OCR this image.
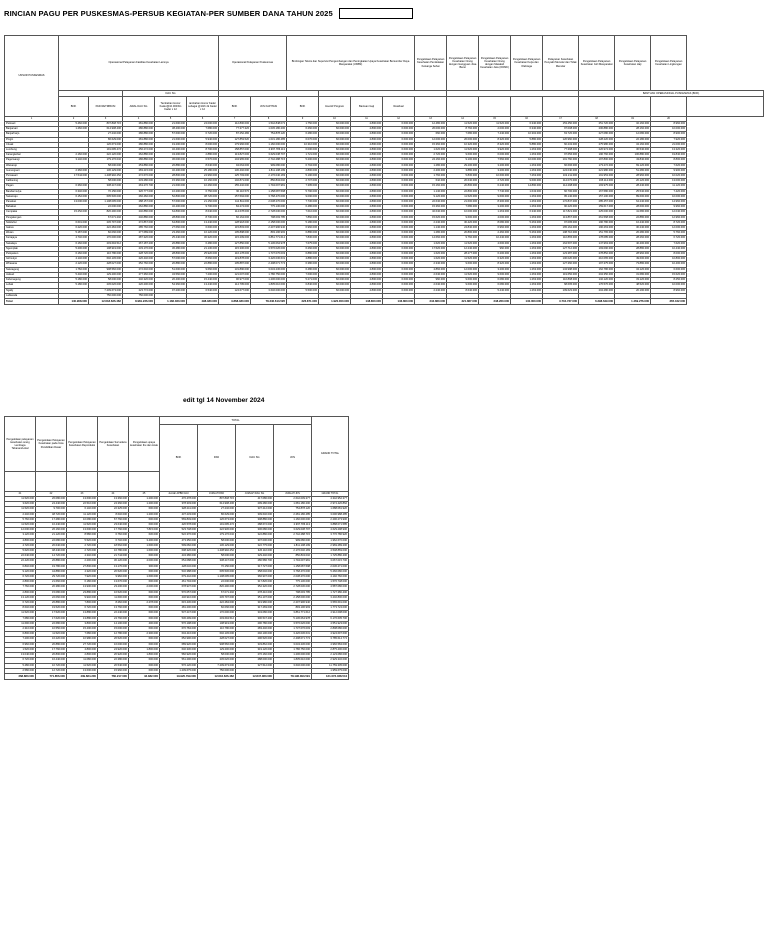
RINCIAN PAGU PER PUSKESMAS-PERSUB KEGIATAN-PER SUMBER DANA TAHUN 2025
UNSUR PUSKESMAS	Operasional Pelayanan Fasilitas Kesehatan Lainnya					Operasional Pelayanan Puskesmas		Bimbingan Teknis dan Supervisi Pengembangan dan Peningkatan Upaya Kesehatan Bersumber Daya Masyarakat (UKBM)				Pengelolaan Pelayanan Kesehatan Pendekatan Keluarga Sehat	Pengelolaan Pelayanan Kesehatan Orang dengan Gangguan Jiwa Berat	Pengelolaan Pelayanan Kesehatan Orang dengan Masalah Kesehatan Jiwa (ODMK)	Pengelolaan Pelayanan Kesehatan Kerja dan Olahraga	Pelayanan Kesehatan Penyakit Menular dan Tidak Menular	Pengelolaan Pelayanan Kesehatan Gizi Masyarakat	Pengelolaan Pelayanan Kesehatan Haji	Pengelolaan Pelayanan Kesehatan Lingkungan	
			DAU SG														BANTUAN OPERASIONAL PUSKESMAS (BOK)			
	BOK	PAD RETRIBUSI	AWAL DAU SG	Tambahan Honor Kader@10.000/bln Kader x 12	tambahan Honor Kader sebagai @10rb 2k Kader x 12	BOK	JKN KAPITASI	BOK	Insentif Program	Bantuan Gaji	Residual									
1	2	3	4	5	6	7	8	9	10	11	12	13	14	15	16	17	18	19	20	
Pulosari	5.460.000	807.848.715	281.880.000	21.600.000	24.000.000	112.800.000	1.542.848.072	1.750.000	60.000.000	4.800.000	6.600.000	12.480.000	11.520.000	11.520.000	6.340.000	153.456.000	251.720.000	32.160.000	8.960.000	
Banjarsari	1.260.000	614.908.406	280.880.000	38.400.000	7.680.000	77.377.320	1.045.180.200	6.260.000	60.000.000	4.800.000	6.600.000	26.000.000	8.760.000	2.000.000	6.340.000	97.008.000	206.880.000	28.160.000	10.000.000	
Banjarharjo		27.232.000	286.880.000	57.600.000	6.720.000	87.252.480	754.878.120	6.280.000	60.000.000	4.800.000	6.600.000	660.000	7.680.000	7.440.000	10.302.000	63.720.000	227.080.000	12.080.000	8.900.000	
Pingin		86.629.000	281.880.000	21.600.000	5.940.000	127.853.520	1.031.186.485	6.070.000	60.000.000	4.800.000	6.600.000	12.000.000	26.000.000	8.320.000	5.880.000	120.960.000	228.220.000	22.180.000	7.920.000	
Cituak		126.673.000	280.880.000	19.200.000	8.000.000	179.966.000	1.160.000.000	10.310.000	60.000.000	4.800.000	6.600.000	15.360.000	10.320.000	8.320.000	5.880.000	60.232.000	275.980.000	34.160.000	21.000.000	
Lumbung		191.095.472	256.272.000	32.400.000	8.700.000	158.857.000	2.997.786.113	6.000.000	60.000.000	4.800.000	6.600.000	1.620.000	11.520.000	3.920.000	1.263.000	77.398.000	226.974.000	30.540.000	13.320.000	
Karangkobar	2.160.000	222.120.000	262.880.000	43.200.000	2.880.000	113.827.000	3.629.038.797	1.721.000	60.000.000	4.800.000	6.600.000	2.720.000	9.600.000	6.000.000	1.263.000	97.656.000	196.760.000	106.880.000	19.840.000	
Pagerwangi	3.140.000	179.176.032	286.880.000	36.000.000	6.570.000	104.965.600	2.742.288.715	5.200.000	60.000.000	4.800.000	6.600.000	24.160.000	9.100.000	7.560.000	10.000.000	101.760.000	197.800.000	43.840.000	8.800.000	
Wanarejo		58.000.000	253.880.000	26.880.000	8.640.000	94.064.000	999.080.000	6.794.000	60.000.000	4.800.000	6.600.000	1.280.000	29.200.000	3.200.000	1.263.000	66.696.000	173.272.000	69.120.000	7.620.000	
Gunungsari	2.360.000	136.129.000	283.215.000	32.400.000	25.180.000	130.402.000	1.811.108.199	2.800.000	60.000.000	4.800.000	6.600.000	2.400.000	3.880.000	3.200.000	1.263.000	124.040.000	221.980.000	51.280.000	9.900.000	
Purwasari	17.544.000	1.438.992.252	272.670.000	28.800.000	24.960.000	125.793.000	2.176.040.183	5.190.000	60.000.000	4.800.000	6.600.000	1.760.000	5.830.000	10.600.000	7.263.000	102.211.000	191.953.000	28.960.000	10.020.000	
Kalibening		58.000.000	233.280.000	15.360.000	16.160.000	102.871.000	850.834.002	2.707.000	60.000.000	4.800.000	6.600.000	642.000	20.640.000	2.720.000	9.600.000	114.070.000	195.112.000	20.120.000	13.000.000	
Pagan	6.360.000	338.247.000	263.276.700	21.600.000	10.260.000	155.432.000	1.794.097.981	7.395.000	60.000.000	4.800.000	6.600.000	15.160.000	20.800.000	6.240.000	14.890.000	114.298.000	193.975.000	28.440.000	11.120.000	
Bandarmulya	6.340.000	70.150.000	326.777.000	16.200.000	6.750.000	90.116.570	1.158.087.598	5.790.000	60.000.000	4.800.000	6.600.000	1.140.000	22.800.000	7.740.000	1.643.000	66.700.000	167.580.000	25.540.000	7.420.000	
Sukamaju	6.152.000	605.536.000	266.482.000	52.800.000	38.720.000	157.594.000	3.768.470.000	9.090.000	60.000.000	4.800.000	6.600.000	9.120.000	11.520.000	9.600.000	1.263.000	95.140.000	157.100.000	89.600.000	10.000.000	
Panekan	13.000.000	1.108.095.000	288.157.000	57.600.000	21.150.000	112.811.000	2.038.270.000	7.730.000	60.000.000	4.800.000	6.600.000	22.640.000	21.600.000	8.300.000	1.263.000	172.847.000	285.457.000	64.240.000	14.960.000	
Babakan		22.000.000	262.880.000	32.400.000	9.700.000	84.274.000	775.130.000	6.486.000	60.000.000	4.800.000	6.600.000	15.360.000	7.680.000	3.200.000	1.263.000	90.220.000	159.617.000	28.600.000	9.960.000	
Cempaka	15.252.000	820.290.000	240.880.000	64.800.000	8.640.000	114.678.000	2.728.030.000	7.610.000	60.000.000	4.800.000	6.600.000	32.640.000	10.000.000	1.263.000	6.340.000	117.821.000	225.000.000	41.680.000	12.040.000	
Pengalengan		67.071.202	240.880.000	28.800.000	8.730.000	66.164.000	798.093.785	7.860.000	60.000.000	4.800.000	6.600.000	15.620.000	9.600.000	4.000.000	1.263.000	113.867.000	261.568.000	22.880.000	12.960.000	
Sidoluhur	6.601.000	245.797.000	272.867.000	64.800.000	13.440.000	128.918.000	2.158.000.000	5.180.000	60.000.000	4.800.000	6.600.000	2.240.000	30.420.000	8.080.000	5.263.000	97.095.000	196.780.000	16.440.000	8.720.000	
Gabus	6.220.000	422.284.000	285.760.000	27.660.000	6.600.000	115.803.000	2.207.996.940	6.960.000	60.000.000	4.800.000	6.600.000	1.140.000	24.840.000	6.960.000	1.263.000	165.164.000	196.263.000	30.240.000	12.000.000	
Wetan	5.187.000	82.066.000	277.689.000	23.460.000	16.120.000	105.898.000	893.196.993	6.880.000	60.000.000	4.800.000	6.600.000	1.280.000	20.800.000	2.460.000	5.263.000	108.716.000	151.765.000	26.280.000	5.760.000	
Kertajaya	4.740.000	170.000.000	287.320.000	25.440.000	30.320.000	115.209.000	3.861.771.612	7.830.000	60.000.000	4.800.000	6.600.000	14.660.000	9.760.000	10.440.000	1.263.000	110.865.000	178.085.000	28.260.000	6.720.000	
Sukalaya	6.160.000	203.694.512	267.187.200	26.880.000	6.480.000	127.850.000	5.136.064.978	7.675.000	60.000.000	4.800.000	6.600.000	1.620.000	11.520.000	4.600.000	1.263.000	164.597.000	147.963.000	40.400.000	7.620.000	
Ngemplak	5.200.000	108.919.000	233.170.000	36.480.000	21.130.000	115.306.000	3.576.026.000	6.260.000	60.000.000	4.800.000	6.600.000	17.520.000	12.240.000	960.000	1.263.000	127.712.000	193.090.000	28.880.000	10.440.000	
Pulopeken	6.160.000	116.780.000	228.720.000	28.800.000	25.920.000	116.178.000	1.737.076.003	6.880.000	60.000.000	4.800.000	6.600.000	1.620.000	28.277.000	6.200.000	1.263.000	123.387.000	278.852.000	28.960.000	8.000.000	
Girimulyo	4.140.000	602.145.000	226.440.000	57.000.000	8.660.000	119.878.000	3.426.036.631	4.880.000	60.000.000	4.800.000	6.600.000	1.620.000	11.520.000	6.320.000	1.263.000	100.020.000	210.065.000	49.600.000	10.800.000	
Wirasana	2.120.000	428.027.000	252.760.000	20.880.000	22.880.000	105.887.000	2.408.071.774	6.380.000	60.000.000	4.800.000	6.600.000	2.340.000	9.600.000	8.320.000	1.263.000	127.366.000	197.375.000	73.880.000	10.400.000	
Sukoagung	1.782.000	908.566.000	272.602.000	51.600.000	9.660.000	131.890.000	3.034.236.000	6.480.000	60.000.000	4.800.000	6.600.000	4.860.000	12.000.000	3.200.000	1.263.000	134.998.000	162.786.000	34.120.000	6.600.000	
Jatisari	5.440.000	129.200.000	277.360.000	34.560.000	7.200.000	121.007.000	1.786.750.000	7.600.000	60.000.000	4.800.000	6.600.000	2.640.000	11.520.000	9.600.000	1.263.000	119.650.000	204.350.000	31.680.000	15.620.000	
Kebonagung	5.180.000	58.000.000	240.320.000	20.400.000	15.440.000	90.977.000	1.206.000.000	5.271.000	60.000.000	4.800.000	6.600.000	960.000	9.600.000	6.080.000	1.263.000	116.898.000	132.120.000	33.120.000	8.250.000	
Lebak	5.180.000	245.026.000	220.200.000	54.360.000	13.440.000	114.795.000	1.835.010.000	6.840.000	60.000.000	4.800.000	6.600.000	2.640.000	9.600.000	6.080.000	1.263.000	68.695.000	176.576.000	48.520.000	10.000.000	
Ngaliy		7.209.673.000	223.772.000	97.200.000	6.540.000	124.677.000	3.646.000.000	5.500.000	60.000.000	4.800.000	6.600.000	2.240.000	8.640.000	5.440.000	1.263.000	109.623.000	204.280.000	20.190.000	8.960.000	
Labkesda		750.000.000	750.000.000																	
Total	140.908.000	12.618.636.462	8.981.226.000	1.182.360.000	498.480.000	3.868.480.000	78.346.613.595	226.871.000	1.920.000.000	148.800.000	146.800.000	242.860.000	321.867.000	248.260.000	140.000.000	3.704.737.000	6.298.649.000	1.469.276.000	365.162.000	
edit tgl 14 November 2024
Pengelolaan pelayanan kesehatan orang Lembaga Tahanan/Lokal	Pengelolaan Pelayanan Kesehatan pada Usia Pendidikan Dasar	Pengelolaan Pelayanan Kesehatan Reproduksi	Pengelolaan Surveilans Kesehatan	Pengelolaan upaya kesehatan Ibu dan Anak	TOTAL				GRAND TOTAL
					BOK	PAD	DAU SG	JKN	

21	22	23	24	25	Jumlah APBD DAU	JUMLAH PAD	JUMLAH DAU SG	JUMLAH JKN	GRAND TOTAL
11.520.000	26.080.000	13.600.000	13.360.000	1.200.000	476.478.000	807.848.715	417.080.000	2.642.009.377	4.342.952.377
3.620.000	24.440.000	22.510.000	24.360.000	1.200.000	378.303.000	614.908.406	299.280.000	1.681.180.200	2.974.420.862
11.520.000	9.700.000	6.140.000	22.325.000	600.000	328.241.000	27.232.000	337.212.000	754.878.120	1.688.081.920
2.240.000	48.720.000	11.120.000	8.640.000	1.200.000	437.233.000	86.629.000	309.640.000	2.281.186.485	3.096.988.485
5.760.000	17.280.000	10.080.000	67.760.000	600.000	569.849.000	126.673.000	308.880.000	1.160.000.000	2.296.273.900
11.520.000	16.440.000	11.520.000	23.640.000	600.000	420.578.000	191.095.472	288.672.000	2.997.786.113	3.888.071.585
12.000.000	26.160.000	13.600.000	17.760.000	7.815.000	523.748.000	222.936.000	306.080.000	3.629.038.797	4.629.298.900
3.120.000	21.120.000	8.580.000	6.760.000	630.000	522.376.000	179.176.032	322.880.000	2.742.288.715	3.776.780.920
4.800.000	22.080.000	5.520.000	6.740.000	3.400.000	473.350.000	58.000.000	307.000.000	999.080.000	1.962.670.000
4.720.000	20.640.000	2.720.000	18.562.000	1.600.000	599.082.000	136.129.000	322.775.000	1.811.108.199	2.969.289.200
5.620.000	48.440.000	2.720.000	16.780.000	1.600.000	608.326.000	1.438.992.252	326.110.000	2.176.040.183	4.548.869.000
22.640.000	14.720.000	4.340.000	21.744.000	600.000	434.386.000	58.000.000	329.440.000	850.834.002	1.725.880.400
22.420.000	26.880.000	2.200.000	30.120.000	4.000.000	654.088.000	338.247.000	280.586.700	1.794.097.981	3.067.015.700
6.840.000	19.780.000	27.800.000	13.170.000	300.000	428.032.000	70.150.000	317.727.000	1.158.087.598	2.036.271.000
9.120.000	44.880.000	4.320.000	20.520.000	600.000	532.388.000	605.536.000	358.002.000	3.768.470.000	5.266.080.000
6.720.000	29.720.000	7.920.000	9.960.000	1.600.000	679.442.000	1.108.095.000	366.907.000	2.038.270.000	4.192.760.000
2.800.000	21.660.000	6.180.000	13.670.000	600.000	461.794.000	22.000.000	317.820.000	775.130.000	1.576.748.000
7.760.000	20.380.000	13.900.000	23.200.000	2.000.000	678.937.000	820.290.000	352.320.000	2.728.030.000	4.587.080.000
2.800.000	15.080.000	23.880.000	16.520.000	600.000	570.057.000	67.071.202	278.410.000	798.093.785	1.727.380.400
13.120.000	22.060.000	9.940.000	11.600.000	600.000	446.910.000	245.797.000	351.107.000	2.158.000.000	3.202.800.000
6.720.000	26.880.000	7.800.000	8.260.000	2.278.000	615.430.000	422.284.000	319.980.000	2.207.996.940	3.565.691.000
8.640.000	19.520.000	6.720.000	13.760.000	600.000	481.200.000	82.066.000	317.269.000	893.196.993	1.773.724.000
11.520.000	17.520.000	13.880.000	22.240.000	600.000	537.247.000	170.000.000	343.080.000	3.861.771.612	4.912.098.000
7.680.000	17.620.000	13.880.000	24.760.000	600.000	536.299.000	203.694.512	300.547.200	5.136.064.978	6.176.605.700
11.690.000	22.680.000	3.800.000	14.100.000	400.000	576.198.000	108.919.000	290.780.000	3.576.026.000	4.551.923.000
2.310.000	10.550.000	15.400.000	15.000.000	600.000	670.784.000	116.780.000	283.440.000	1.737.076.003	2.808.080.000
6.800.000	11.520.000	7.680.000	12.780.000	2.300.000	604.416.000	602.145.000	292.100.000	3.426.036.631	4.924.697.600
7.200.000	16.220.000	10.980.000	26.520.000	600.000	652.996.000	428.027.000	296.520.000	2.408.071.774	3.785.614.774
6.960.000	20.880.000	27.720.000	16.000.000	600.000	689.920.000	908.566.000	333.862.000	3.034.236.000	4.966.584.000
1.520.000	17.760.000	4.800.000	24.920.000	1.800.000	640.330.000	129.200.000	319.120.000	1.786.750.000	2.875.400.000
13.040.000	20.800.000	2.800.000	20.920.000	1.800.000	582.926.000	58.000.000	276.160.000	1.206.000.000	2.123.086.000
6.720.000	16.440.000	11.080.000	22.380.000	600.000	561.296.000	245.026.000	288.000.000	1.835.010.000	2.929.332.000
5.280.000	10.720.000	11.520.000	20.540.000	600.000	576.120.000	7.209.673.000	327.512.000	3.646.000.000	11.759.305.000
2.580.000	12.720.000	13.600.000	15.960.000	600.000	1.209.675.000	750.000.000			1.959.675.000
268.880.000	771.856.000	439.684.200	760.217.000	43.382.000	19.920.799.000	12.616.636.462	12.847.080.000	78.196.093.591	121.073.468.544
